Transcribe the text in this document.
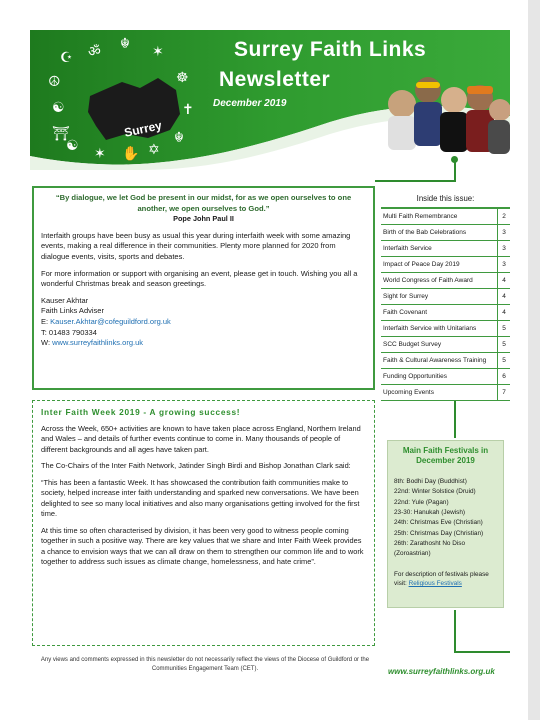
Surrey Faith Links
Newsletter
December 2019
Surrey
☪ ॐ ☬ ✶
☮	☸
☯	✝
⛩
☯ ✶ ✋ ✡
☬
“By dialogue, we let God be present in our midst, for as we open ourselves to one another, we open ourselves to God.”
Pope John Paul II

Interfaith groups have been busy as usual this year during interfaith week with some amazing events, making a real difference in their communities. Plenty more planned for 2020 from dialogue events, visits, sports and debates.

For more information or support with organising an event, please get in touch. Wishing you all a wonderful Christmas break and season greetings.

Kauser Akhtar
Faith Links Adviser
E: Kauser.Akhtar@cofeguildford.org.uk
T: 01483 790334
W: www.surreyfaithlinks.org.uk
Inter Faith Week 2019 - A growing success!

Across the Week, 650+ activities are known to have taken place across England, Northern Ireland and Wales – and details of further events continue to come in. Many thousands of people of different backgrounds and all ages have taken part.

The Co-Chairs of the Inter Faith Network, Jatinder Singh Birdi and Bishop Jonathan Clark said:

“This has been a fantastic Week. It has showcased the contribution faith communities make to society, helped increase inter faith understanding and sparked new conversations. We have been delighted to see so many local initiatives and also many organisations getting involved for the first time.

At this time so often characterised by division, it has been very good to witness people coming together in such a positive way. There are key values that we share and Inter Faith Week provides a chance to envision ways that we can all draw on them to strengthen our common life and to work together to address such issues as climate change, homelessness, and hate crime”.

Inside this issue:
Multi Faith Remembrance	2
Birth of the Bab Celebrations	3
Interfaith Service	3
Impact of Peace Day 2019	3
World Congress of Faith Award	4
Sight for Surrey	4
Faith Covenant	4
Interfaith Service with Unitarians	5
SCC Budget Survey	5
Faith & Cultural Awareness Training	5
Funding Opportunities	6
Upcoming Events	7
Main Faith Festivals in December 2019
8th: Bodhi Day (Buddhist)
22nd: Winter Solstice (Druid)
22nd: Yule (Pagan)
23-30: Hanukah (Jewish)
24th: Christmas Eve (Christian)
25th: Christmas Day (Christian)
26th: Zarathosht No Diso
(Zoroastrian)
For description of festivals please visit: Religious Festivals
Any views and comments expressed in this newsletter do not necessarily reflect the views of the Diocese of Guildford or the Communities Engagement Team (CET).	www.surreyfaithlinks.org.uk
